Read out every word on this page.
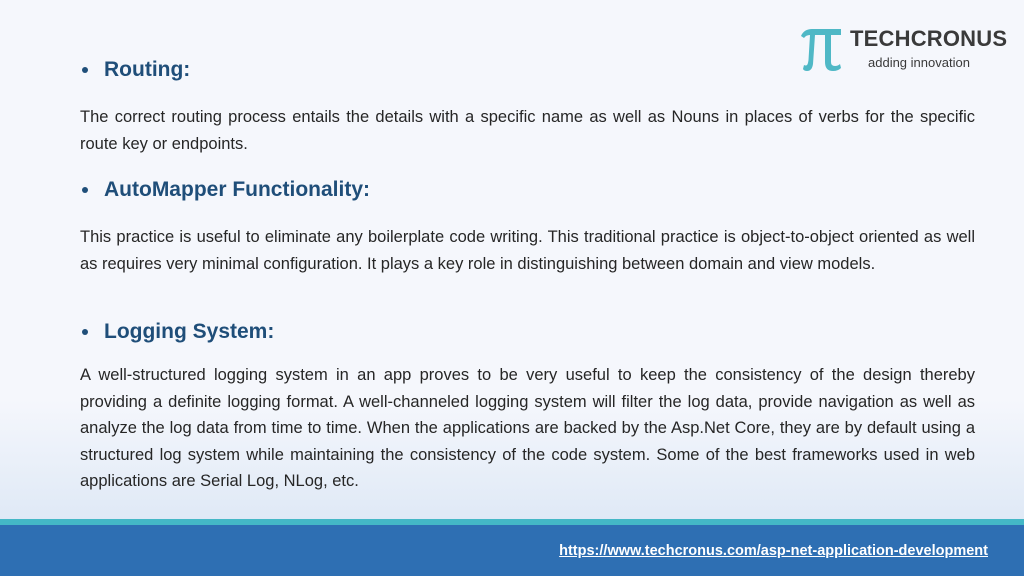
TECHCRONUS
adding innovation
Routing:

The correct routing process entails the details with a specific name as well as Nouns in places of verbs for the specific route key or endpoints.

AutoMapper Functionality:

This practice is useful to eliminate any boilerplate code writing. This traditional practice is object-to-object oriented as well as requires very minimal configuration. It plays a key role in distinguishing between domain and view models.

Logging System:

A well-structured logging system in an app proves to be very useful to keep the consistency of the design thereby providing a definite logging format. A well-channeled logging system will filter the log data, provide navigation as well as analyze the log data from time to time. When the applications are backed by the Asp.Net Core, they are by default using a structured log system while maintaining the consistency of the code system. Some of the best frameworks used in web applications are Serial Log, NLog, etc.

https://www.techcronus.com/asp-net-application-development
